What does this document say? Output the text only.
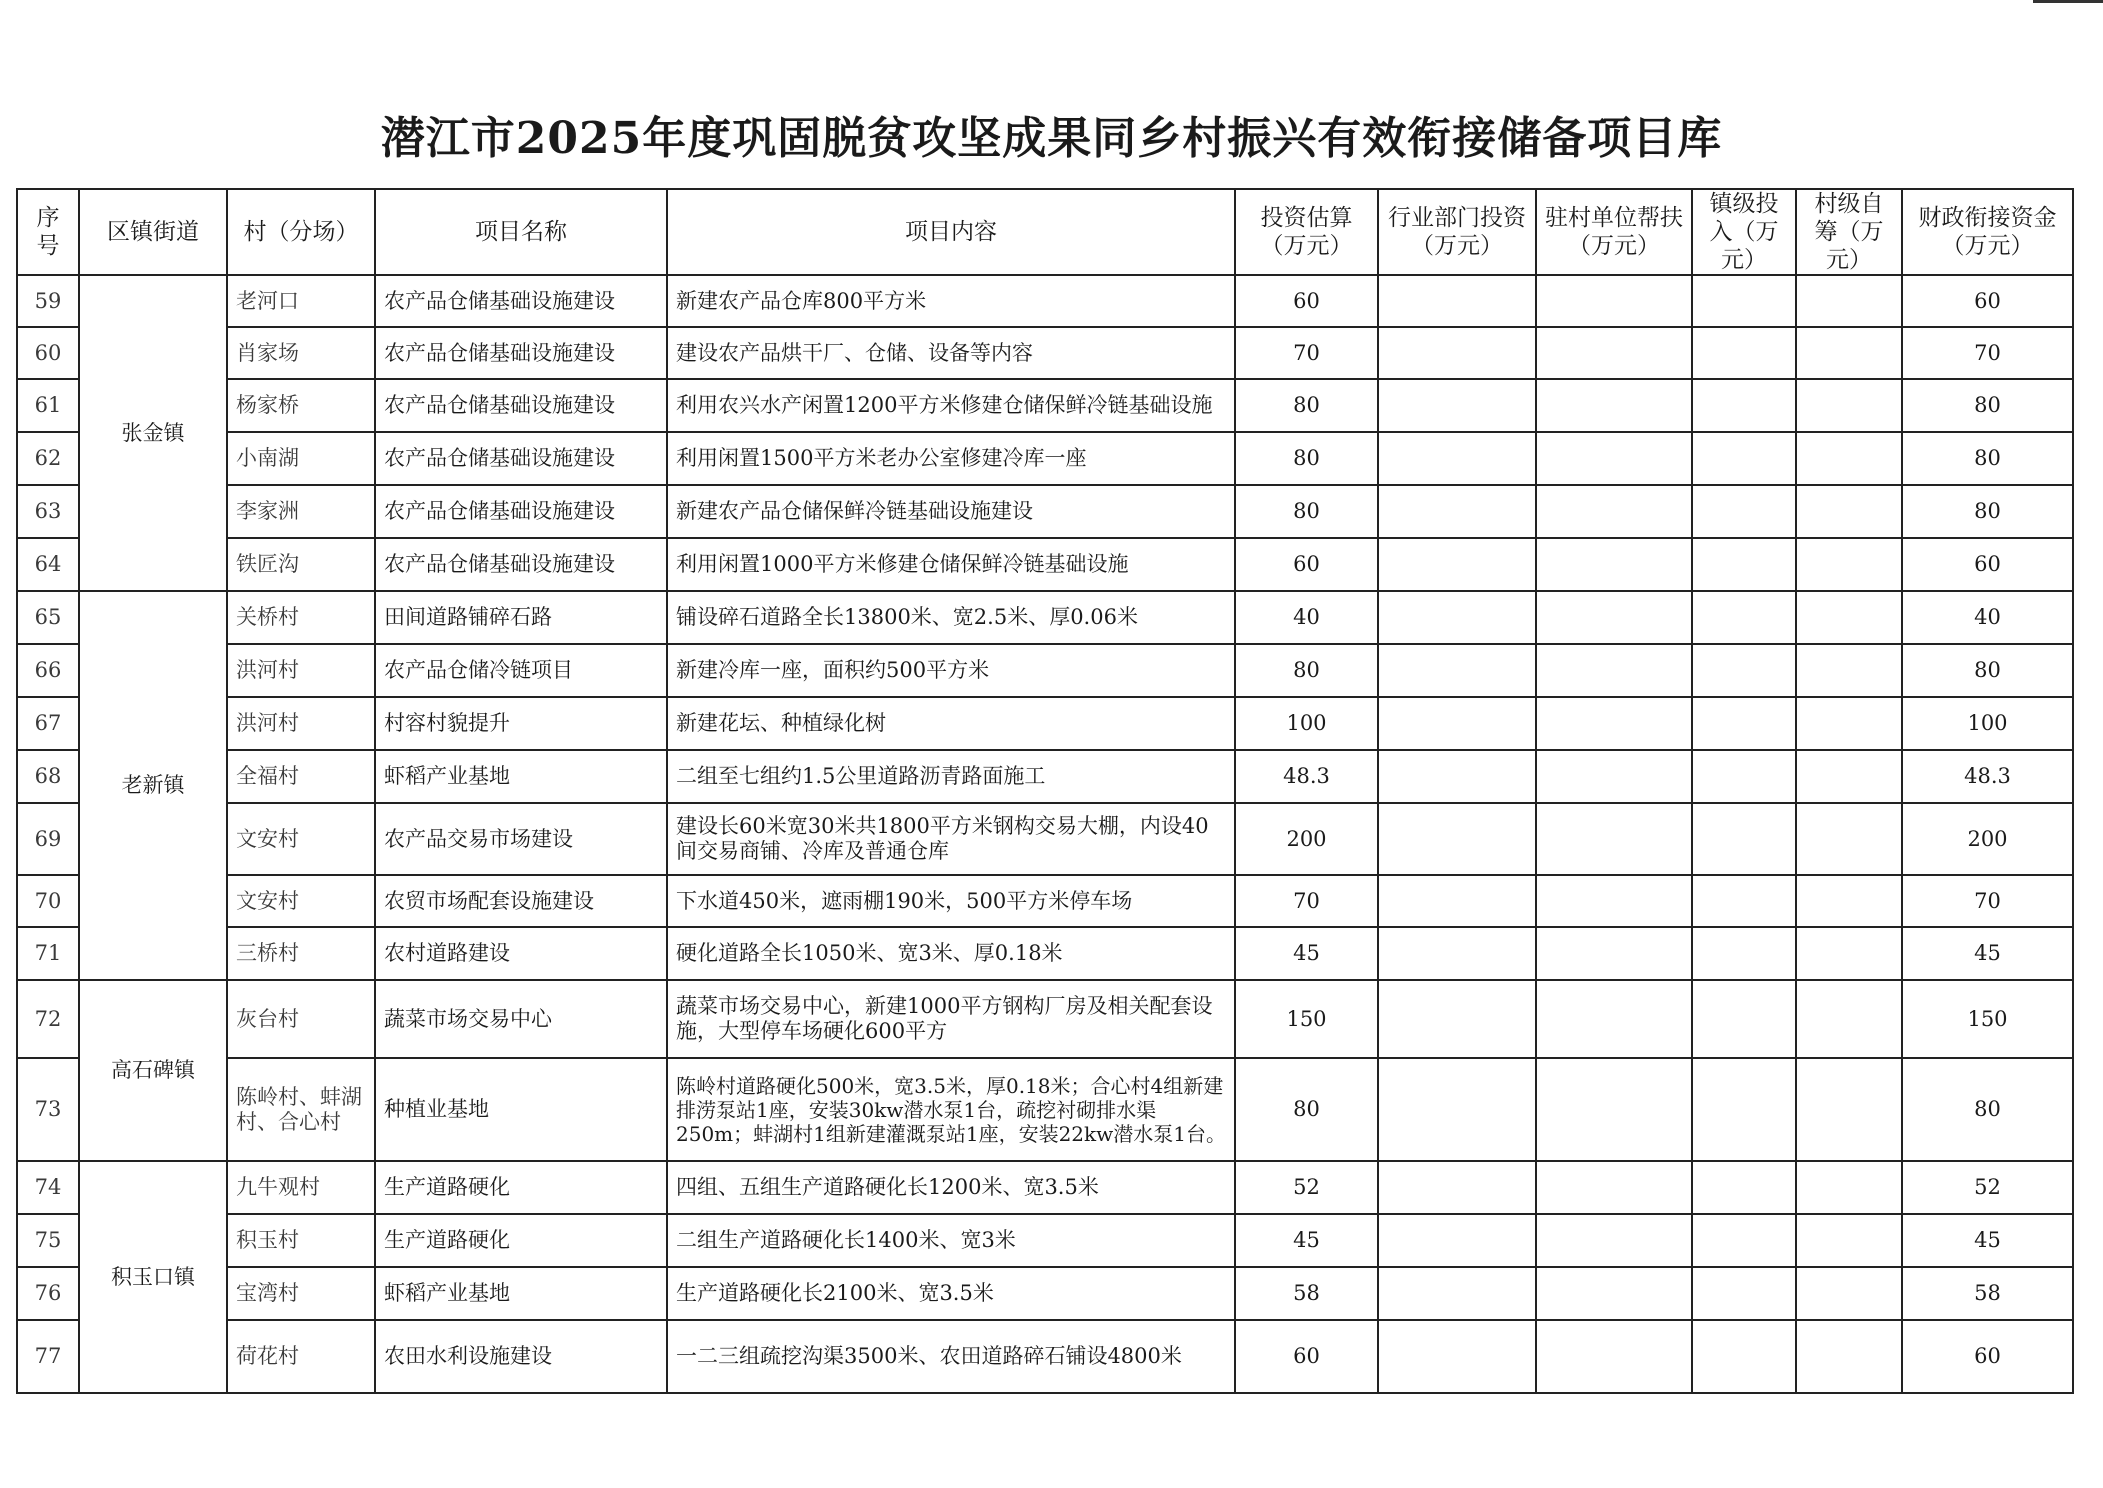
潜江市2025年度巩固脱贫攻坚成果同乡村振兴有效衔接储备项目库
序号	区镇街道	村（分场）	项目名称	项目内容	投资估算（万元）	行业部门投资（万元）	驻村单位帮扶（万元）	镇级投入（万元）	村级自筹（万元）	财政衔接资金（万元）
59	张金镇	老河口	农产品仓储基础设施建设	新建农产品仓库800平方米	60					60
60		肖家场	农产品仓储基础设施建设	建设农产品烘干厂、仓储、设备等内容	70					70
61		杨家桥	农产品仓储基础设施建设	利用农兴水产闲置1200平方米修建仓储保鲜冷链基础设施	80					80
62		小南湖	农产品仓储基础设施建设	利用闲置1500平方米老办公室修建冷库一座	80					80
63		李家洲	农产品仓储基础设施建设	新建农产品仓储保鲜冷链基础设施建设	80					80
64		铁匠沟	农产品仓储基础设施建设	利用闲置1000平方米修建仓储保鲜冷链基础设施	60					60
65	老新镇	关桥村	田间道路铺碎石路	铺设碎石道路全长13800米、宽2.5米、厚0.06米	40					40
66		洪河村	农产品仓储冷链项目	新建冷库一座，面积约500平方米	80					80
67		洪河村	村容村貌提升	新建花坛、种植绿化树	100					100
68		全福村	虾稻产业基地	二组至七组约1.5公里道路沥青路面施工	48.3					48.3
69		文安村	农产品交易市场建设	建设长60米宽30米共1800平方米钢构交易大棚，内设40间交易商铺、冷库及普通仓库	200					200
70		文安村	农贸市场配套设施建设	下水道450米，遮雨棚190米，500平方米停车场	70					70
71		三桥村	农村道路建设	硬化道路全长1050米、宽3米、厚0.18米	45					45
72	高石碑镇	灰台村	蔬菜市场交易中心	蔬菜市场交易中心，新建1000平方钢构厂房及相关配套设施，大型停车场硬化600平方	150					150
73		陈岭村、蚌湖村、合心村	种植业基地	陈岭村道路硬化500米，宽3.5米，厚0.18米；合心村4组新建排涝泵站1座，安装30kw潜水泵1台，疏挖衬砌排水渠250m；蚌湖村1组新建灌溉泵站1座，安装22kw潜水泵1台。	80					80
74	积玉口镇	九牛观村	生产道路硬化	四组、五组生产道路硬化长1200米、宽3.5米	52					52
75		积玉村	生产道路硬化	二组生产道路硬化长1400米、宽3米	45					45
76		宝湾村	虾稻产业基地	生产道路硬化长2100米、宽3.5米	58					58
77		荷花村	农田水利设施建设	一二三组疏挖沟渠3500米、农田道路碎石铺设4800米	60					60
